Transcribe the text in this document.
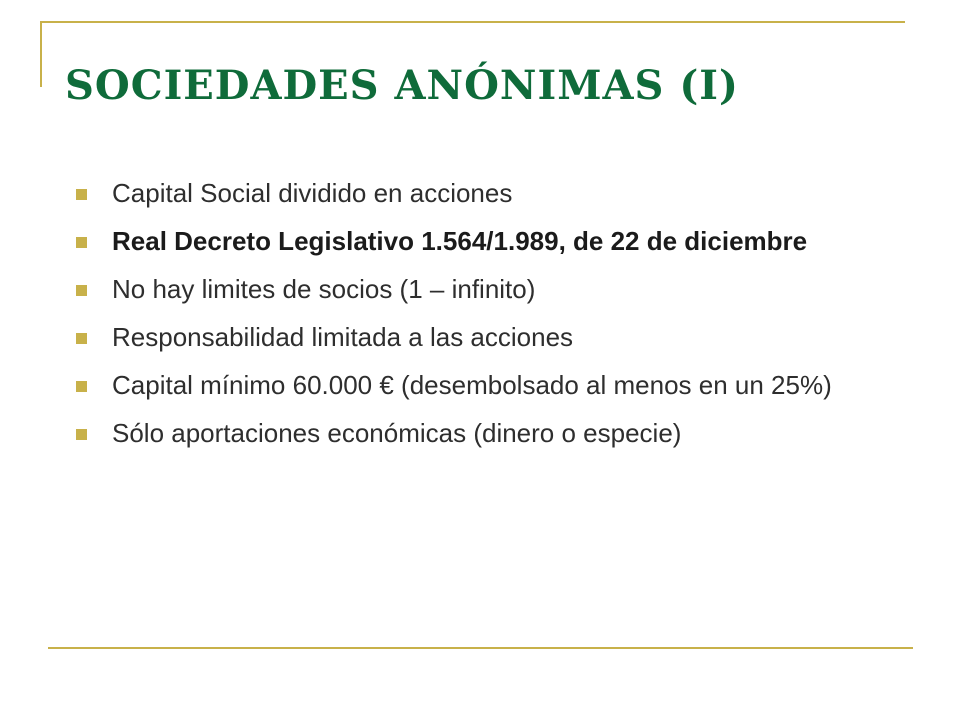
SOCIEDADES ANÓNIMAS (I)
Capital Social dividido en acciones
Real Decreto Legislativo 1.564/1.989, de 22 de diciembre
No hay limites de socios (1 – infinito)
Responsabilidad limitada a las acciones
Capital mínimo 60.000 € (desembolsado al menos en un 25%)
Sólo aportaciones económicas (dinero o especie)
